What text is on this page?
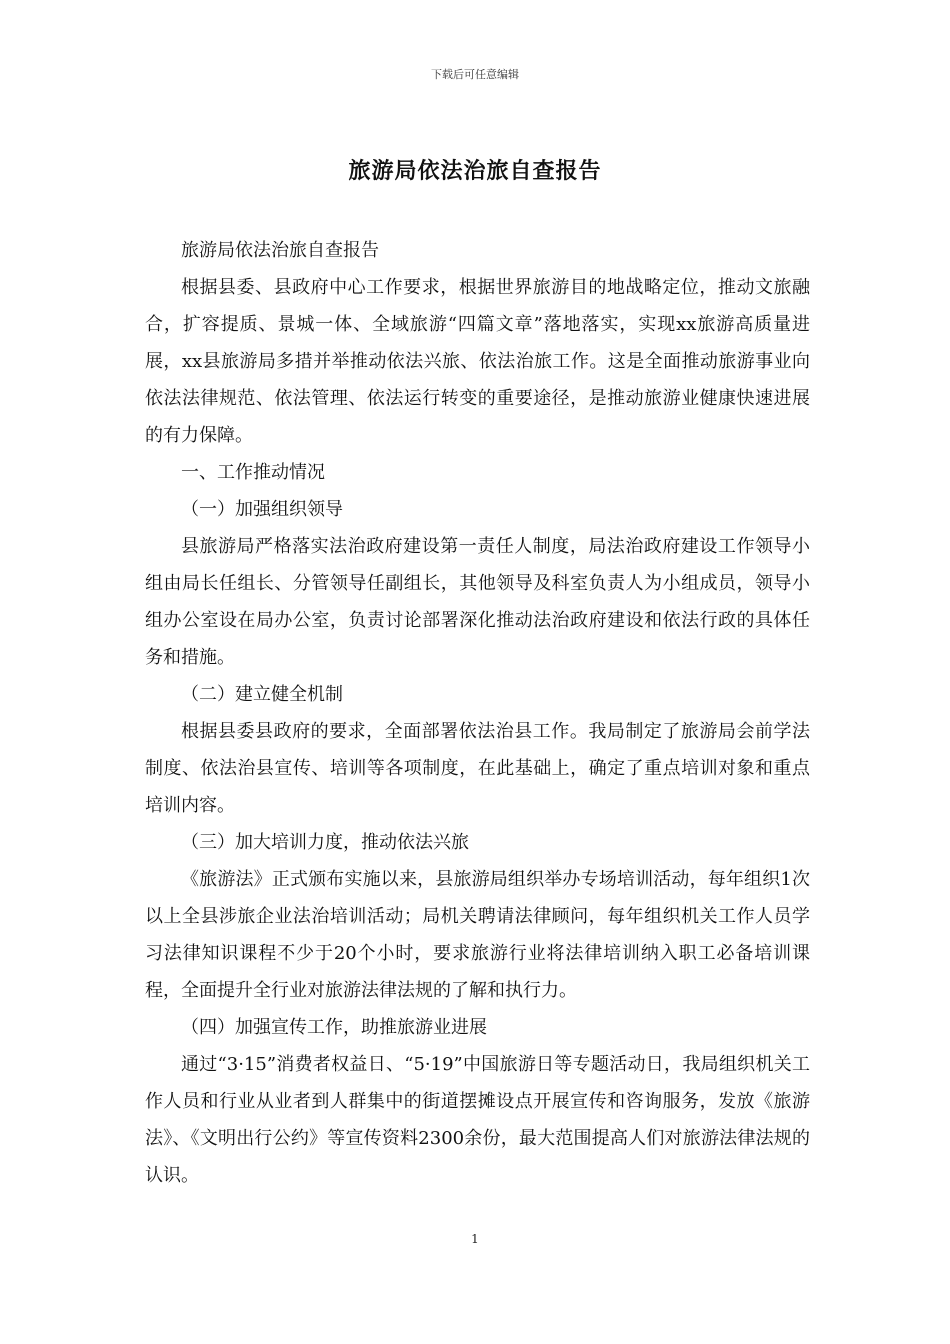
下载后可任意编辑
旅游局依法治旅自查报告

旅游局依法治旅自查报告

根据县委、县政府中心工作要求，根据世界旅游目的地战略定位，推动文旅融合，扩容提质、景城一体、全域旅游“四篇文章”落地落实，实现xx旅游高质量进展，xx县旅游局多措并举推动依法兴旅、依法治旅工作。这是全面推动旅游事业向依法法律规范、依法管理、依法运行转变的重要途径，是推动旅游业健康快速进展的有力保障。

一、工作推动情况

（一）加强组织领导

县旅游局严格落实法治政府建设第一责任人制度，局法治政府建设工作领导小组由局长任组长、分管领导任副组长，其他领导及科室负责人为小组成员，领导小组办公室设在局办公室，负责讨论部署深化推动法治政府建设和依法行政的具体任务和措施。

（二）建立健全机制

根据县委县政府的要求，全面部署依法治县工作。我局制定了旅游局会前学法制度、依法治县宣传、培训等各项制度，在此基础上，确定了重点培训对象和重点培训内容。

（三）加大培训力度，推动依法兴旅

《旅游法》正式颁布实施以来，县旅游局组织举办专场培训活动，每年组织1次以上全县涉旅企业法治培训活动；局机关聘请法律顾问，每年组织机关工作人员学习法律知识课程不少于20个小时，要求旅游行业将法律培训纳入职工必备培训课程，全面提升全行业对旅游法律法规的了解和执行力。

（四）加强宣传工作，助推旅游业进展

通过“3·15”消费者权益日、“5·19”中国旅游日等专题活动日，我局组织机关工作人员和行业从业者到人群集中的街道摆摊设点开展宣传和咨询服务，发放《旅游法》、《文明出行公约》等宣传资料2300余份，最大范围提高人们对旅游法律法规的认识。

1
